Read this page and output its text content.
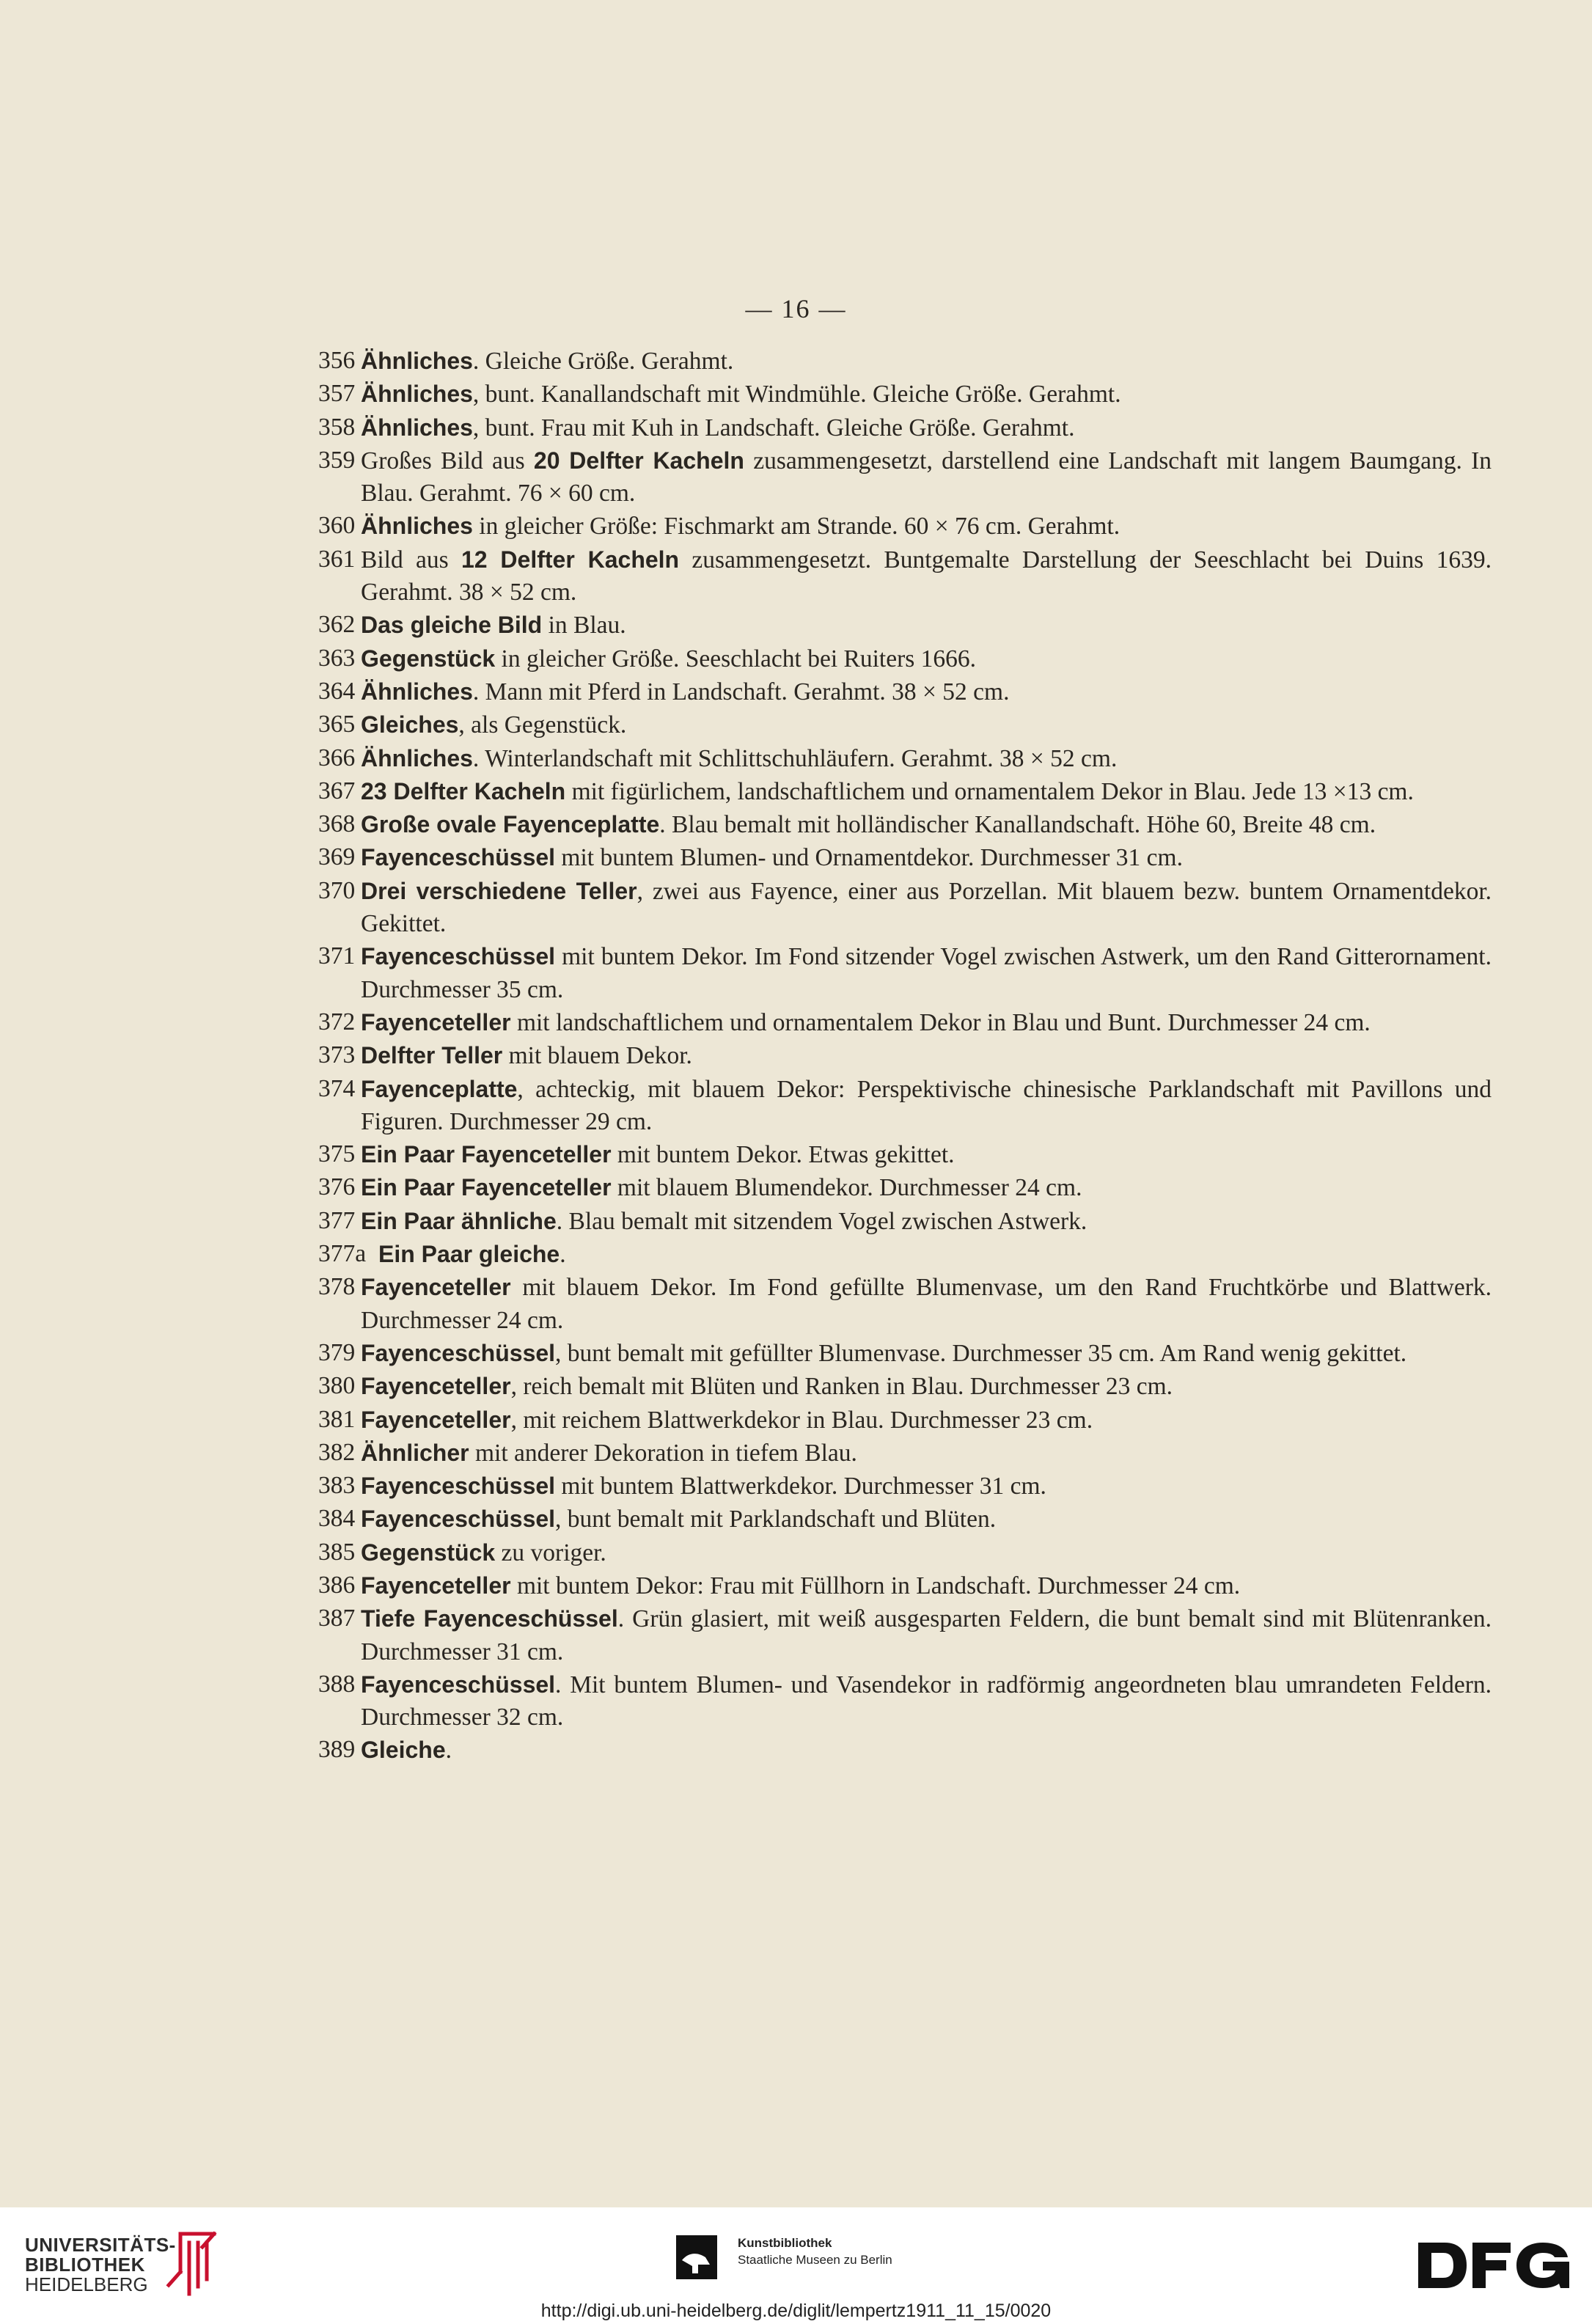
— 16 —
356 Ähnliches. Gleiche Größe. Gerahmt.
357 Ähnliches, bunt. Kanallandschaft mit Windmühle. Gleiche Größe. Gerahmt.
358 Ähnliches, bunt. Frau mit Kuh in Landschaft. Gleiche Größe. Gerahmt.
359 Großes Bild aus 20 Delfter Kacheln zusammengesetzt, darstellend eine Landschaft mit langem Baumgang. In Blau. Gerahmt. 76 × 60 cm.
360 Ähnliches in gleicher Größe: Fischmarkt am Strande. 60 × 76 cm. Gerahmt.
361 Bild aus 12 Delfter Kacheln zusammengesetzt. Buntgemalte Darstellung der Seeschlacht bei Duins 1639. Gerahmt. 38 × 52 cm.
362 Das gleiche Bild in Blau.
363 Gegenstück in gleicher Größe. Seeschlacht bei Ruiters 1666.
364 Ähnliches. Mann mit Pferd in Landschaft. Gerahmt. 38 × 52 cm.
365 Gleiches, als Gegenstück.
366 Ähnliches. Winterlandschaft mit Schlittschuhläufern. Gerahmt. 38 × 52 cm.
367 23 Delfter Kacheln mit figürlichem, landschaftlichem und ornamentalem Dekor in Blau. Jede 13 ×13 cm.
368 Große ovale Fayenceplatte. Blau bemalt mit holländischer Kanallandschaft. Höhe 60, Breite 48 cm.
369 Fayenceschüssel mit buntem Blumen- und Ornamentdekor. Durchmesser 31 cm.
370 Drei verschiedene Teller, zwei aus Fayence, einer aus Porzellan. Mit blauem bezw. buntem Ornamentdekor. Gekittet.
371 Fayenceschüssel mit buntem Dekor. Im Fond sitzender Vogel zwischen Astwerk, um den Rand Gitterornament. Durchmesser 35 cm.
372 Fayenceteller mit landschaftlichem und ornamentalem Dekor in Blau und Bunt. Durchmesser 24 cm.
373 Delfter Teller mit blauem Dekor.
374 Fayenceplatte, achteckig, mit blauem Dekor: Perspektivische chinesische Parklandschaft mit Pavillons und Figuren. Durchmesser 29 cm.
375 Ein Paar Fayenceteller mit buntem Dekor. Etwas gekittet.
376 Ein Paar Fayenceteller mit blauem Blumendekor. Durchmesser 24 cm.
377 Ein Paar ähnliche. Blau bemalt mit sitzendem Vogel zwischen Astwerk.
377a Ein Paar gleiche.
378 Fayenceteller mit blauem Dekor. Im Fond gefüllte Blumenvase, um den Rand Fruchtkörbe und Blattwerk. Durchmesser 24 cm.
379 Fayenceschüssel, bunt bemalt mit gefüllter Blumenvase. Durchmesser 35 cm. Am Rand wenig gekittet.
380 Fayenceteller, reich bemalt mit Blüten und Ranken in Blau. Durchmesser 23 cm.
381 Fayenceteller, mit reichem Blattwerkdekor in Blau. Durchmesser 23 cm.
382 Ähnlicher mit anderer Dekoration in tiefem Blau.
383 Fayenceschüssel mit buntem Blattwerkdekor. Durchmesser 31 cm.
384 Fayenceschüssel, bunt bemalt mit Parklandschaft und Blüten.
385 Gegenstück zu voriger.
386 Fayenceteller mit buntem Dekor: Frau mit Füllhorn in Landschaft. Durchmesser 24 cm.
387 Tiefe Fayenceschüssel. Grün glasiert, mit weiß ausgesparten Feldern, die bunt bemalt sind mit Blütenranken. Durchmesser 31 cm.
388 Fayenceschüssel. Mit buntem Blumen- und Vasendekor in radförmig angeordneten blau umrandeten Feldern. Durchmesser 32 cm.
389 Gleiche.
UNIVERSITÄTS-
BIBLIOTHEK
HEIDELBERG
Kunstbibliothek
Staatliche Museen zu Berlin
http://digi.ub.uni-heidelberg.de/diglit/lempertz1911_11_15/0020
